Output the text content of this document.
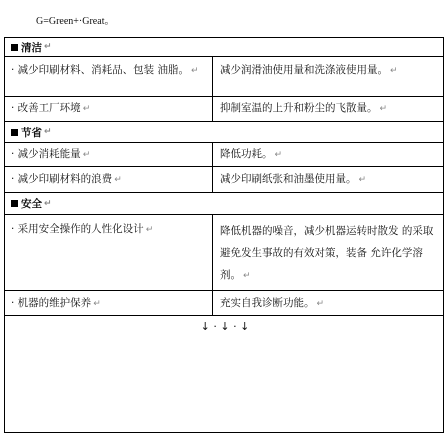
G=Green+·Great。
清洁 ↵
· 减少印刷材料、消耗品、包装 油脂。 ↵	减少润滑油使用量和洗涤液使用量。 ↵
· 改善工厂环境 ↵	抑制室温的上升和粉尘的飞散量。 ↵
节省 ↵
· 减少消耗能量 ↵	降低功耗。 ↵
· 减少印刷材料的浪费 ↵	减少印刷纸张和油墨使用量。 ↵
安全 ↵
· 采用安全操作的人性化设计 ↵	降低机器的噪音，减少机器运转时散发 的采取避免发生事故的有效对策，装备 允许化学溶剂。 ↵
· 机器的维护保养 ↵	充实自我诊断功能。 ↵
↓ · ↓ · ↓
